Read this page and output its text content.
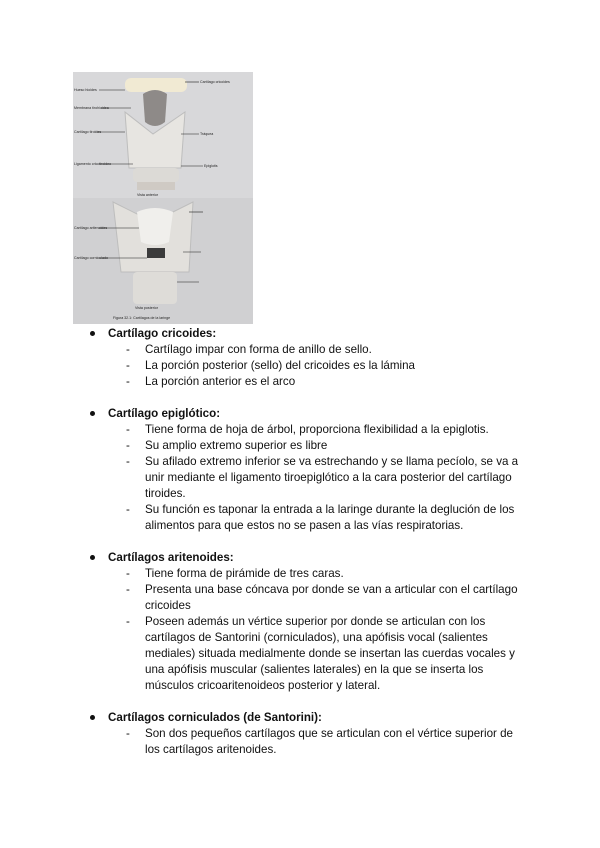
Hueso hioides
Membrana tirohioidea
Cartílago tiroides
Ligamento cricotiroideo
Cartílago cricoides
Tráquea
Epiglotis
Cartílago aritenoides
Cartílago corniculado
Vista anterior
Vista posterior
Figura 32.1: Cartílagos de la laringe
Cartílago cricoides:
- Cartílago impar con forma de anillo de sello.
- La porción posterior (sello) del cricoides es la lámina
- La porción anterior es el arco
Cartílago epiglótico:
- Tiene forma de hoja de árbol, proporciona flexibilidad a la epiglotis.
- Su amplio extremo superior es libre
- Su afilado extremo inferior se va estrechando y se llama pecíolo, se va a unir mediante el ligamento tiroepiglótico a la cara posterior del cartílago tiroides.
- Su función es taponar la entrada a la laringe durante la deglución de los alimentos para que estos no se pasen a las vías respiratorias.
Cartílagos aritenoides:
- Tiene forma de pirámide de tres caras.
- Presenta una base cóncava por donde se van a articular con el cartílago cricoides
- Poseen además un vértice superior por donde se articulan con los cartílagos de Santorini (corniculados), una apófisis vocal (salientes mediales) situada medialmente donde se insertan las cuerdas vocales y una apófisis muscular (salientes laterales) en la que se inserta los músculos cricoaritenoideos posterior y lateral.
Cartílagos corniculados (de Santorini):
- Son dos pequeños cartílagos que se articulan con el vértice superior de los cartílagos aritenoides.
